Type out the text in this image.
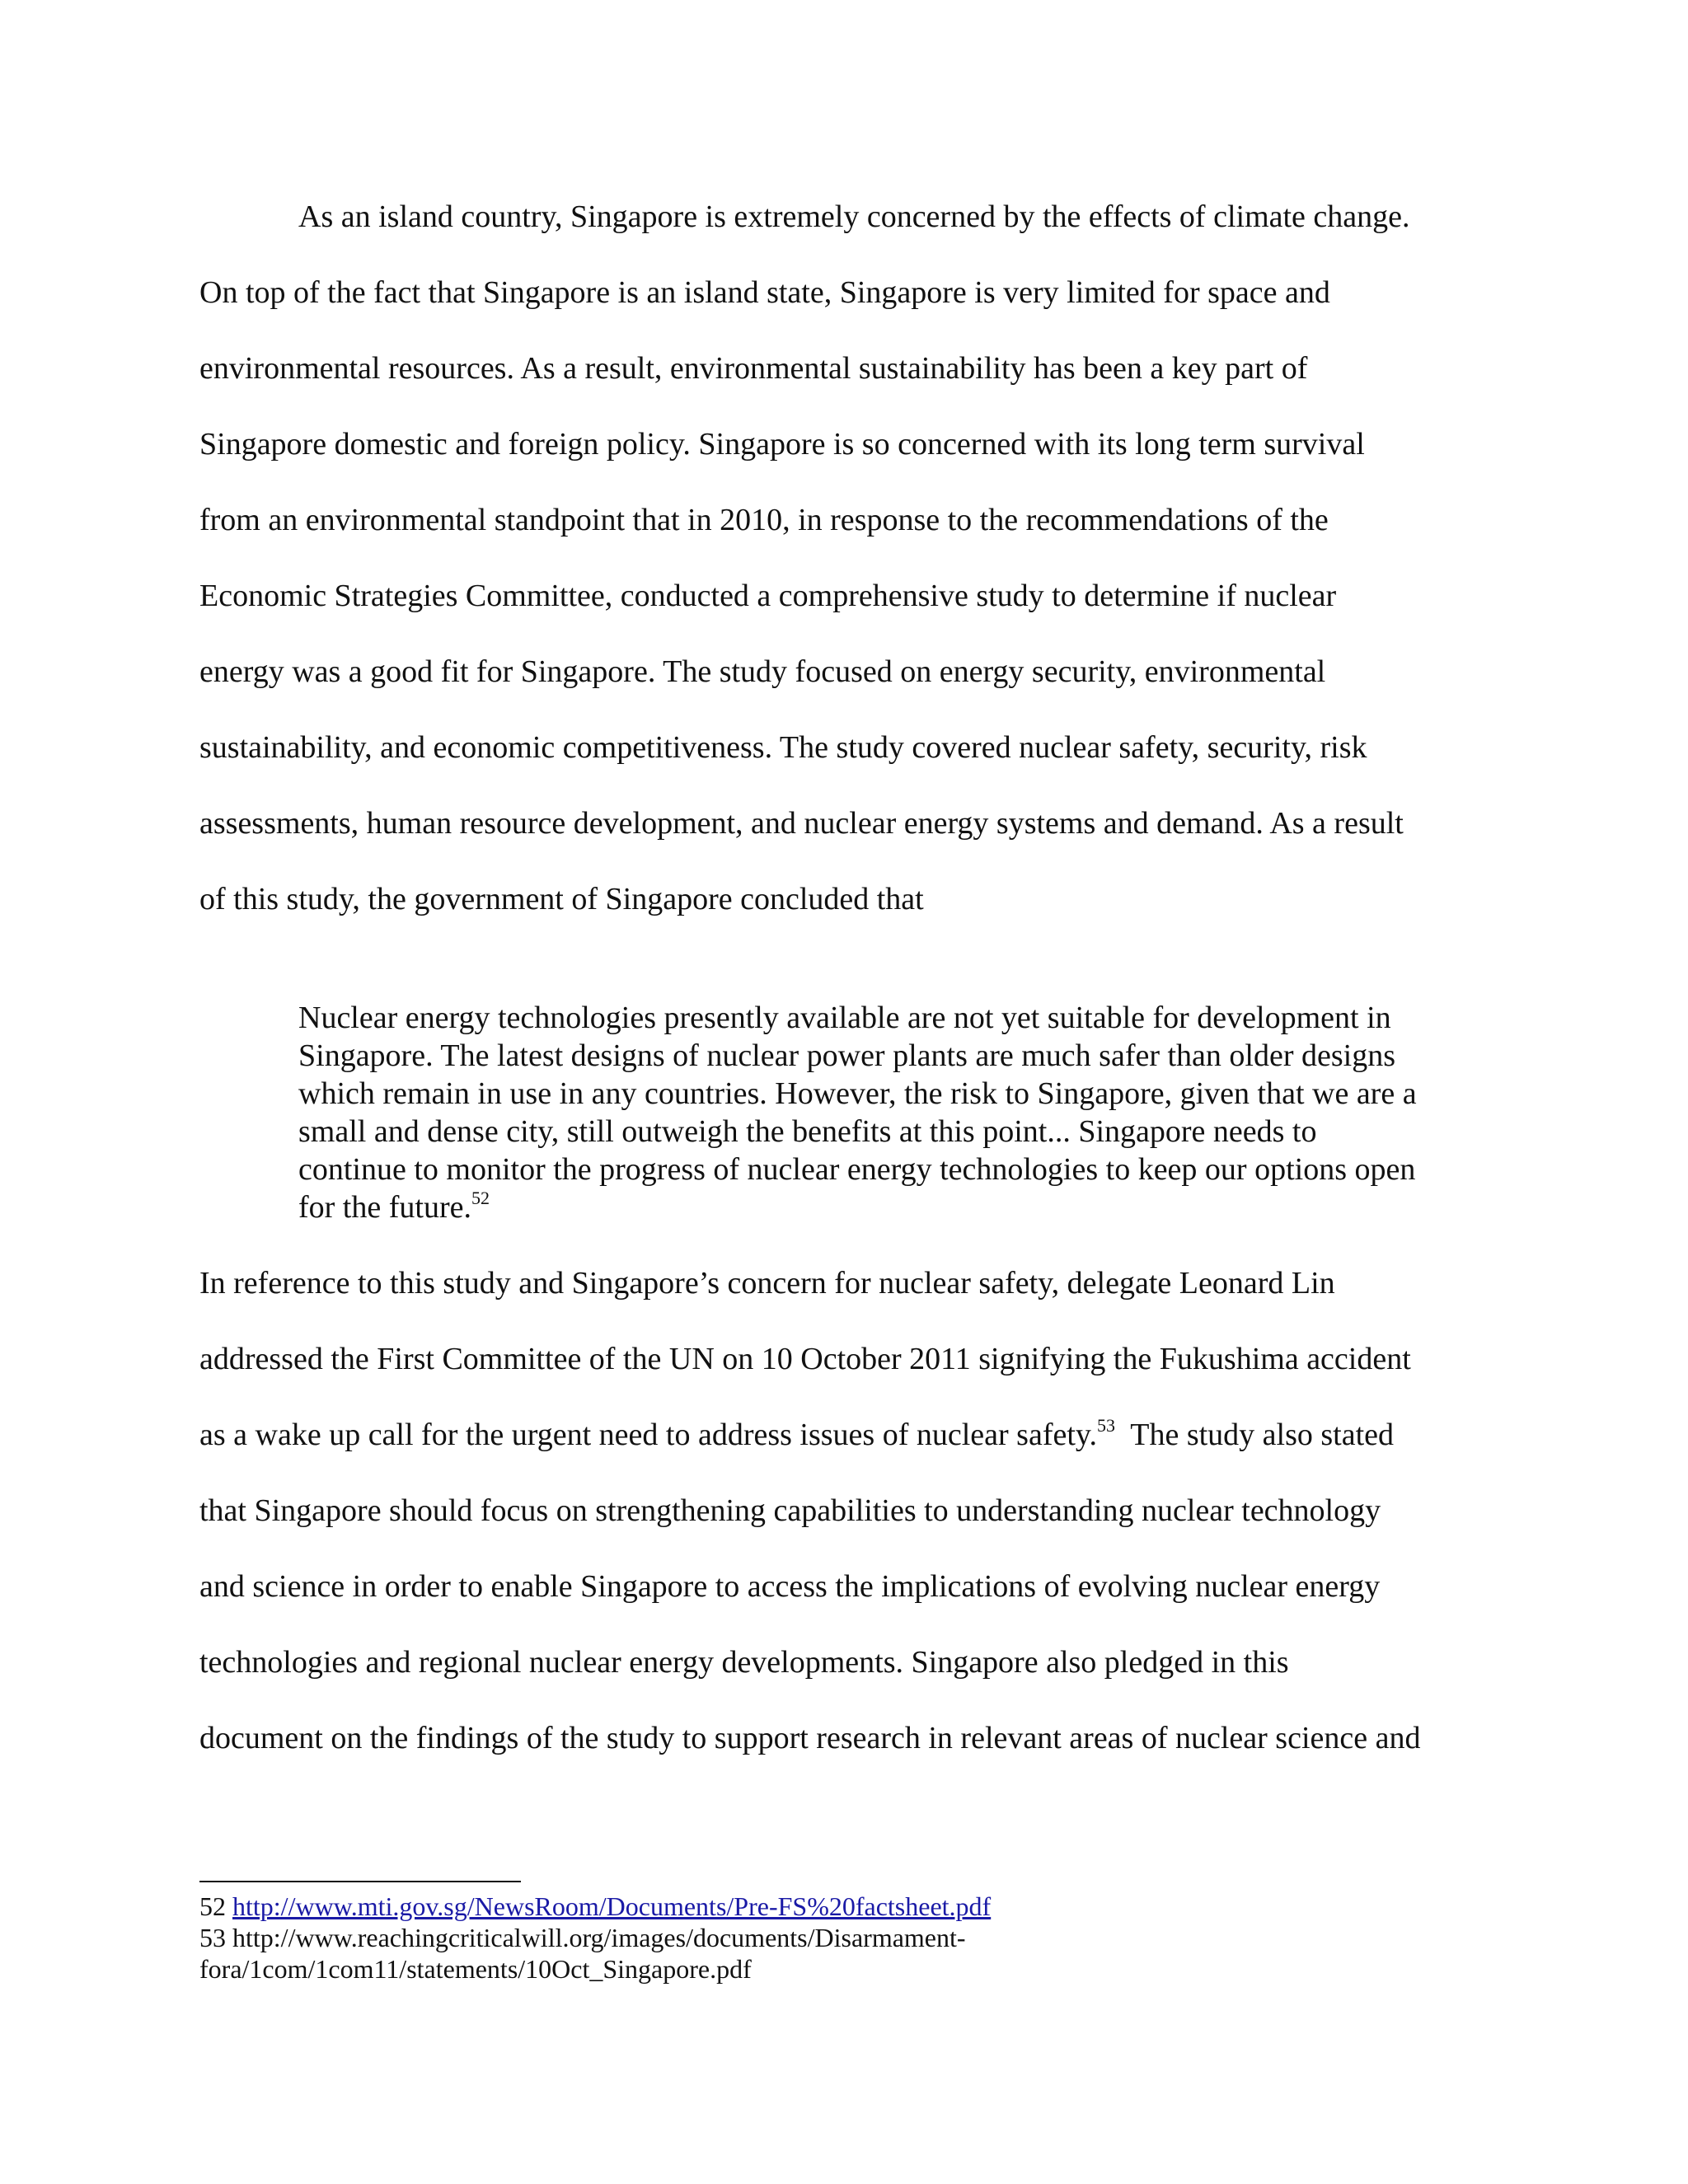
As an island country, Singapore is extremely concerned by the effects of climate change.
On top of the fact that Singapore is an island state, Singapore is very limited for space and
environmental resources. As a result, environmental sustainability has been a key part of
Singapore domestic and foreign policy. Singapore is so concerned with its long term survival
from an environmental standpoint that in 2010, in response to the recommendations of the
Economic Strategies Committee, conducted a comprehensive study to determine if nuclear
energy was a good fit for Singapore. The study focused on energy security, environmental
sustainability, and economic competitiveness. The study covered nuclear safety, security, risk
assessments, human resource development, and nuclear energy systems and demand. As a result
of this study, the government of Singapore concluded that
Nuclear energy technologies presently available are not yet suitable for development in
Singapore. The latest designs of nuclear power plants are much safer than older designs
which remain in use in any countries. However, the risk to Singapore, given that we are a
small and dense city, still outweigh the benefits at this point... Singapore needs to
continue to monitor the progress of nuclear energy technologies to keep our options open
for the future.$^{52}$
In reference to this study and Singapore’s concern for nuclear safety, delegate Leonard Lin
addressed the First Committee of the UN on 10 October 2011 signifying the Fukushima accident
as a wake up call for the urgent need to address issues of nuclear safety.$^{53}$  The study also stated
that Singapore should focus on strengthening capabilities to understanding nuclear technology
and science in order to enable Singapore to access the implications of evolving nuclear energy
technologies and regional nuclear energy developments. Singapore also pledged in this
document on the findings of the study to support research in relevant areas of nuclear science and
52 http://www.mti.gov.sg/NewsRoom/Documents/Pre-FS%20factsheet.pdf
53 http://www.reachingcriticalwill.org/images/documents/Disarmament-
fora/1com/1com11/statements/10Oct_Singapore.pdf
